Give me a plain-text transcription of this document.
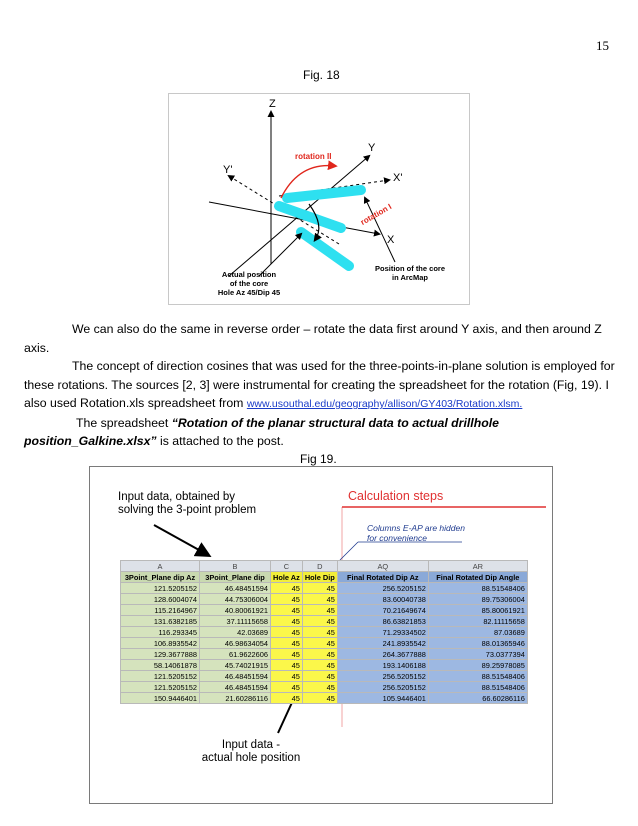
15
Fig. 18
Z
Y
Y'
X'
X
rotation II
rotation I
Actual position
of the core
Hole Az 45/Dip 45
Position of the core
in ArcMap

We can also do the same in reverse order – rotate the data first around Y axis, and then around Z axis.

The concept of direction cosines that was used for the three-points-in-plane solution is employed for these rotations. The sources [2, 3] were instrumental for creating the spreadsheet for the rotation (Fig, 19). I also used Rotation.xls spreadsheet from www.usouthal.edu/geography/allison/GY403/Rotation.xlsm.

The spreadsheet “Rotation of the planar structural data to actual drillhole position_Galkine.xlsx” is attached to the post.

Fig 19.
Input data, obtained by
solving the 3-point problem
Calculation steps
Columns E-AP are hidden
for convenience
A	B	C	D	AQ	AR
3Point_Plane dip Az	3Point_Plane dip	Hole Az	Hole Dip	Final Rotated Dip Az	Final Rotated Dip Angle
121.5205152	46.48451594	45	45	256.5205152	88.51548406
128.6004074	44.75306004	45	45	83.60040738	89.75306004
115.2164967	40.80061921	45	45	70.21649674	85.80061921
131.6382185	37.11115658	45	45	86.63821853	82.11115658
116.293345	42.03689	45	45	71.29334502	87.03689
106.8935542	46.98634054	45	45	241.8935542	88.01365946
129.3677888	61.9622606	45	45	264.3677888	73.0377394
58.14061878	45.74021915	45	45	193.1406188	89.25978085
121.5205152	46.48451594	45	45	256.5205152	88.51548406
121.5205152	46.48451594	45	45	256.5205152	88.51548406
150.9446401	21.60286116	45	45	105.9446401	66.60286116
Input data -
actual hole position
